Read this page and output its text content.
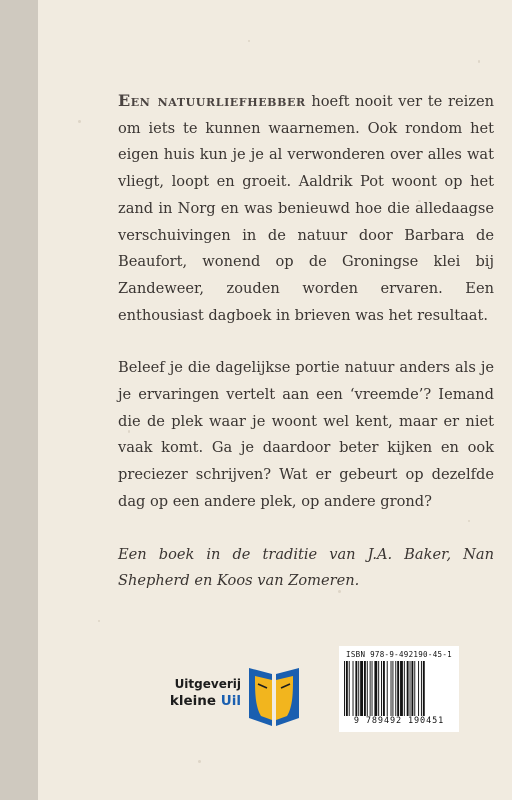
Een natuurliefhebber hoeft nooit ver te reizen om iets te kunnen waarnemen. Ook rondom het eigen huis kun je je al verwonderen over alles wat vliegt, loopt en groeit. Aaldrik Pot woont op het zand in Norg en was benieuwd hoe die alledaagse verschuivingen in de natuur door Barbara de Beaufort, wonend op de Groningse klei bij Zandeweer, zouden worden ervaren. Een enthousiast dagboek in brieven was het resultaat.

Beleef je die dagelijkse portie natuur anders als je je ervaringen vertelt aan een ‘vreemde’? Iemand die de plek waar je woont wel kent, maar er niet vaak komt. Ga je daardoor beter kijken en ook preciezer schrijven? Wat er gebeurt op dezelfde dag op een andere plek, op andere grond?

Een boek in de traditie van J.A. Baker, Nan Shepherd en Koos van Zomeren.

Uitgeverij
kleine Uil
ISBN 978-9-492190-45-1
9 789492 190451
